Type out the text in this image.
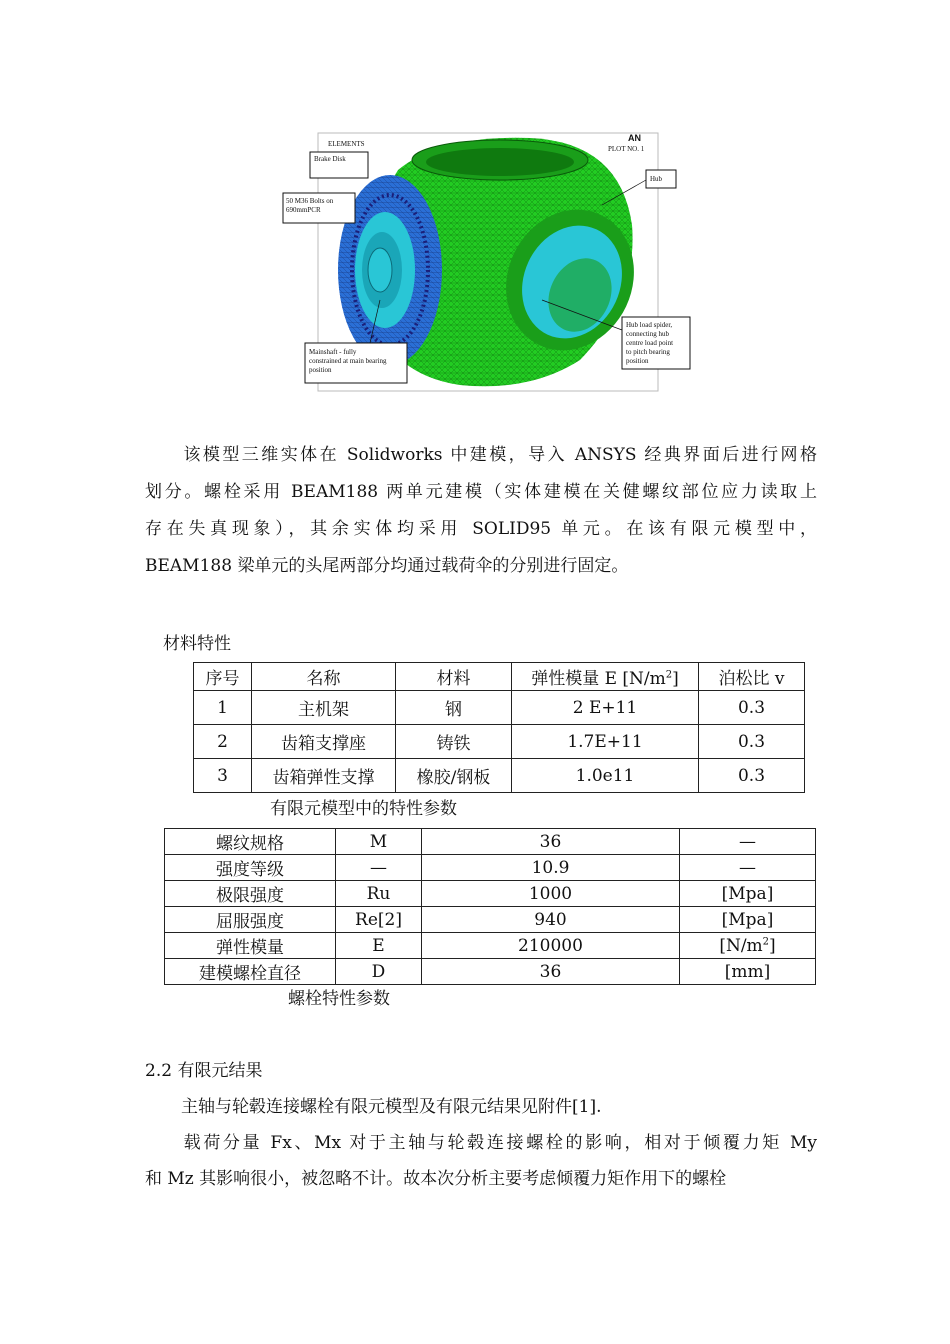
ELEMENTS
AN
PLOT NO. 1
Brake Disk
50 M36 Bolts on
690mmPCR
Hub
Hub load spider,
connecting hub
centre load point
to pitch bearing
position
Mainshaft - fully
constrained at main bearing
position
该模型三维实体在 Solidworks 中建模，导入 ANSYS 经典界面后进行网格
划分。螺栓采用 BEAM188 两单元建模（实体建模在关健螺纹部位应力读取上
存在失真现象），其余实体均采用 SOLID95 单元。在该有限元模型中，
BEAM188 梁单元的头尾两部分均通过载荷伞的分别进行固定。
材料特性
序号	名称	材料	弹性模量 E $[N/m^2]$	泊松比 v
1	主机架	钢	2 E+11	0.3
2	齿箱支撑座	铸铁	1.7E+11	0.3
3	齿箱弹性支撑	橡胶/钢板	1.0e11	0.3
有限元模型中的特性参数
螺纹规格	M	36	—
强度等级	—	10.9	—
极限强度	Ru	1000	[Mpa]
屈服强度	Re[2]	940	[Mpa]
弹性模量	E	210000	$[N/m^2]$
建模螺栓直径	D	36	[mm]
螺栓特性参数
2.2 有限元结果
主轴与轮毂连接螺栓有限元模型及有限元结果见附件[1].
载荷分量 Fx、Mx 对于主轴与轮毂连接螺栓的影响，相对于倾覆力矩 My
和 Mz 其影响很小，被忽略不计。故本次分析主要考虑倾覆力矩作用下的螺栓
